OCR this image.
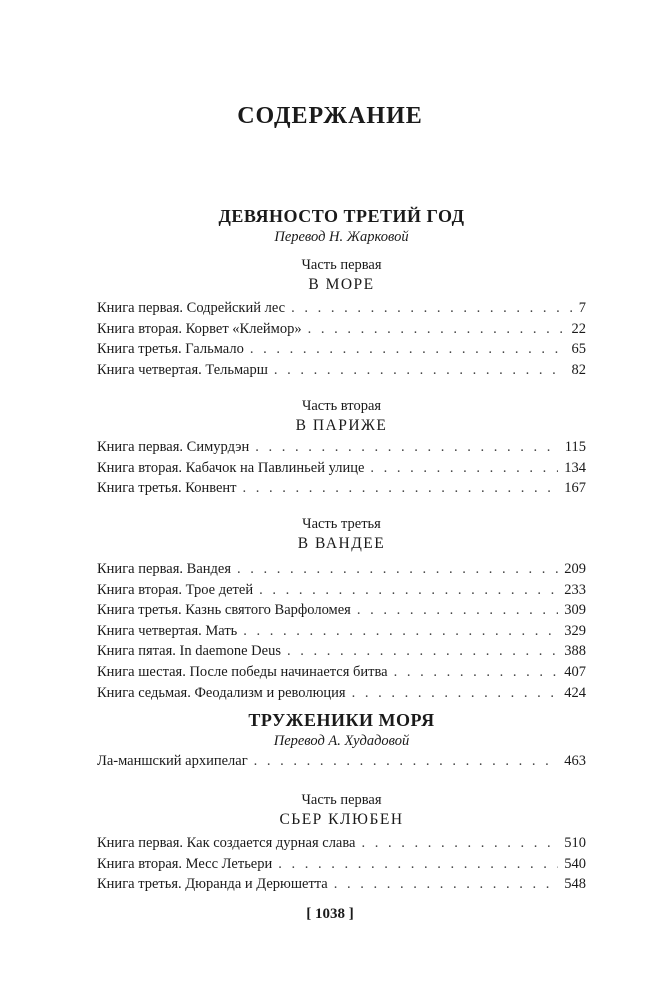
СОДЕРЖАНИЕ
ДЕВЯНОСТО ТРЕТИЙ ГОД
Перевод Н. Жарковой
Часть первая
В МОРЕ
Книга первая. Содрейский лес . . .	7
Книга вторая. Корвет «Клеймор» . . .	22
Книга третья. Гальмало . . .	65
Книга четвертая. Тельмарш . . .	82
Часть вторая
В ПАРИЖЕ
Книга первая. Симурдэн . . .	115
Книга вторая. Кабачок на Павлиньей улице . . .	134
Книга третья. Конвент . . .	167
Часть третья
В ВАНДЕЕ
Книга первая. Вандея . . .	209
Книга вторая. Трое детей . . .	233
Книга третья. Казнь святого Варфоломея . . .	309
Книга четвертая. Мать . . .	329
Книга пятая. In daemone Deus . . .	388
Книга шестая. После победы начинается битва . . .	407
Книга седьмая. Феодализм и революция . . .	424
ТРУЖЕНИКИ МОРЯ
Перевод А. Худадовой
Ла-маншский архипелаг . . .	463
Часть первая
СЬЕР КЛЮБЕН
Книга первая. Как создается дурная слава . . .	510
Книга вторая. Месс Летьери . . .	540
Книга третья. Дюранда и Дерюшетта . . .	548
[ 1038 ]
